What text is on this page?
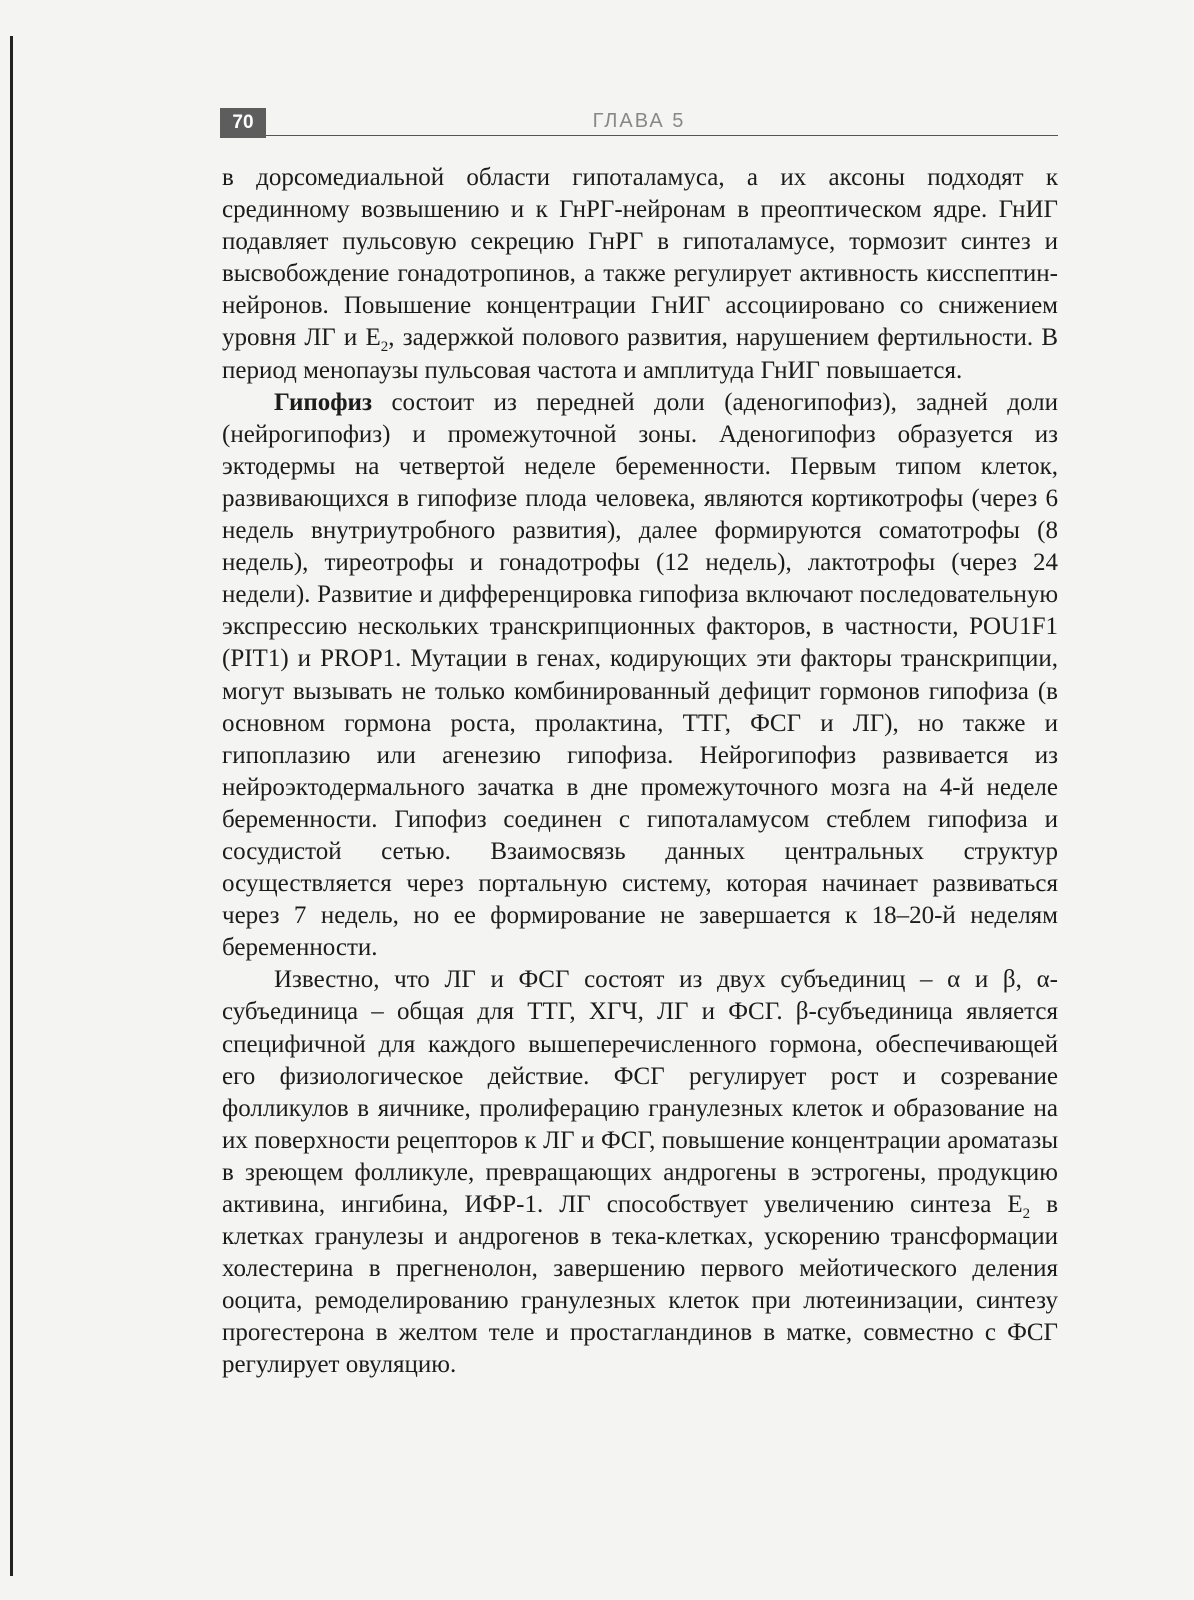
70	ГЛАВА 5

в дорсомедиальной области гипоталамуса, а их аксоны подходят к срединному возвышению и к ГнРГ-нейронам в преоптическом ядре. ГнИГ подавляет пульсовую секрецию ГнРГ в гипоталамусе, тормозит синтез и высвобождение гонадотропинов, а также регулирует активность кисспептин-нейронов. Повышение концентрации ГнИГ ассоциировано со снижением уровня ЛГ и $Е_2$, задержкой полового развития, нарушением фертильности. В период менопаузы пульсовая частота и амплитуда ГнИГ повышается.

Гипофиз состоит из передней доли (аденогипофиз), задней доли (нейрогипофиз) и промежуточной зоны. Аденогипофиз образуется из эктодермы на четвертой неделе беременности. Первым типом клеток, развивающихся в гипофизе плода человека, являются кортикотрофы (через 6 недель внутриутробного развития), далее формируются соматотрофы (8 недель), тиреотрофы и гонадотрофы (12 недель), лактотрофы (через 24 недели). Развитие и дифференцировка гипофиза включают последовательную экспрессию нескольких транскрипционных факторов, в частности, POU1F1 (PIT1) и PROP1. Мутации в генах, кодирующих эти факторы транскрипции, могут вызывать не только комбинированный дефицит гормонов гипофиза (в основном гормона роста, пролактина, ТТГ, ФСГ и ЛГ), но также и гипоплазию или агенезию гипофиза. Нейрогипофиз развивается из нейроэктодермального зачатка в дне промежуточного мозга на 4-й неделе беременности. Гипофиз соединен с гипоталамусом стеблем гипофиза и сосудистой сетью. Взаимосвязь данных центральных структур осуществляется через портальную систему, которая начинает развиваться через 7 недель, но ее формирование не завершается к 18–20-й неделям беременности.

Известно, что ЛГ и ФСГ состоят из двух субъединиц – α и β, α-субъединица – общая для ТТГ, ХГЧ, ЛГ и ФСГ. β-субъединица является специфичной для каждого вышеперечисленного гормона, обеспечивающей его физиологическое действие. ФСГ регулирует рост и созревание фолликулов в яичнике, пролиферацию гранулезных клеток и образование на их поверхности рецепторов к ЛГ и ФСГ, повышение концентрации ароматазы в зреющем фолликуле, превращающих андрогены в эстрогены, продукцию активина, ингибина, ИФР-1. ЛГ способствует увеличению синтеза $Е_2$ в клетках гранулезы и андрогенов в тека-клетках, ускорению трансформации холестерина в прегненолон, завершению первого мейотического деления ооцита, ремоделированию гранулезных клеток при лютеинизации, синтезу прогестерона в желтом теле и простагландинов в матке, совместно с ФСГ регулирует овуляцию.
